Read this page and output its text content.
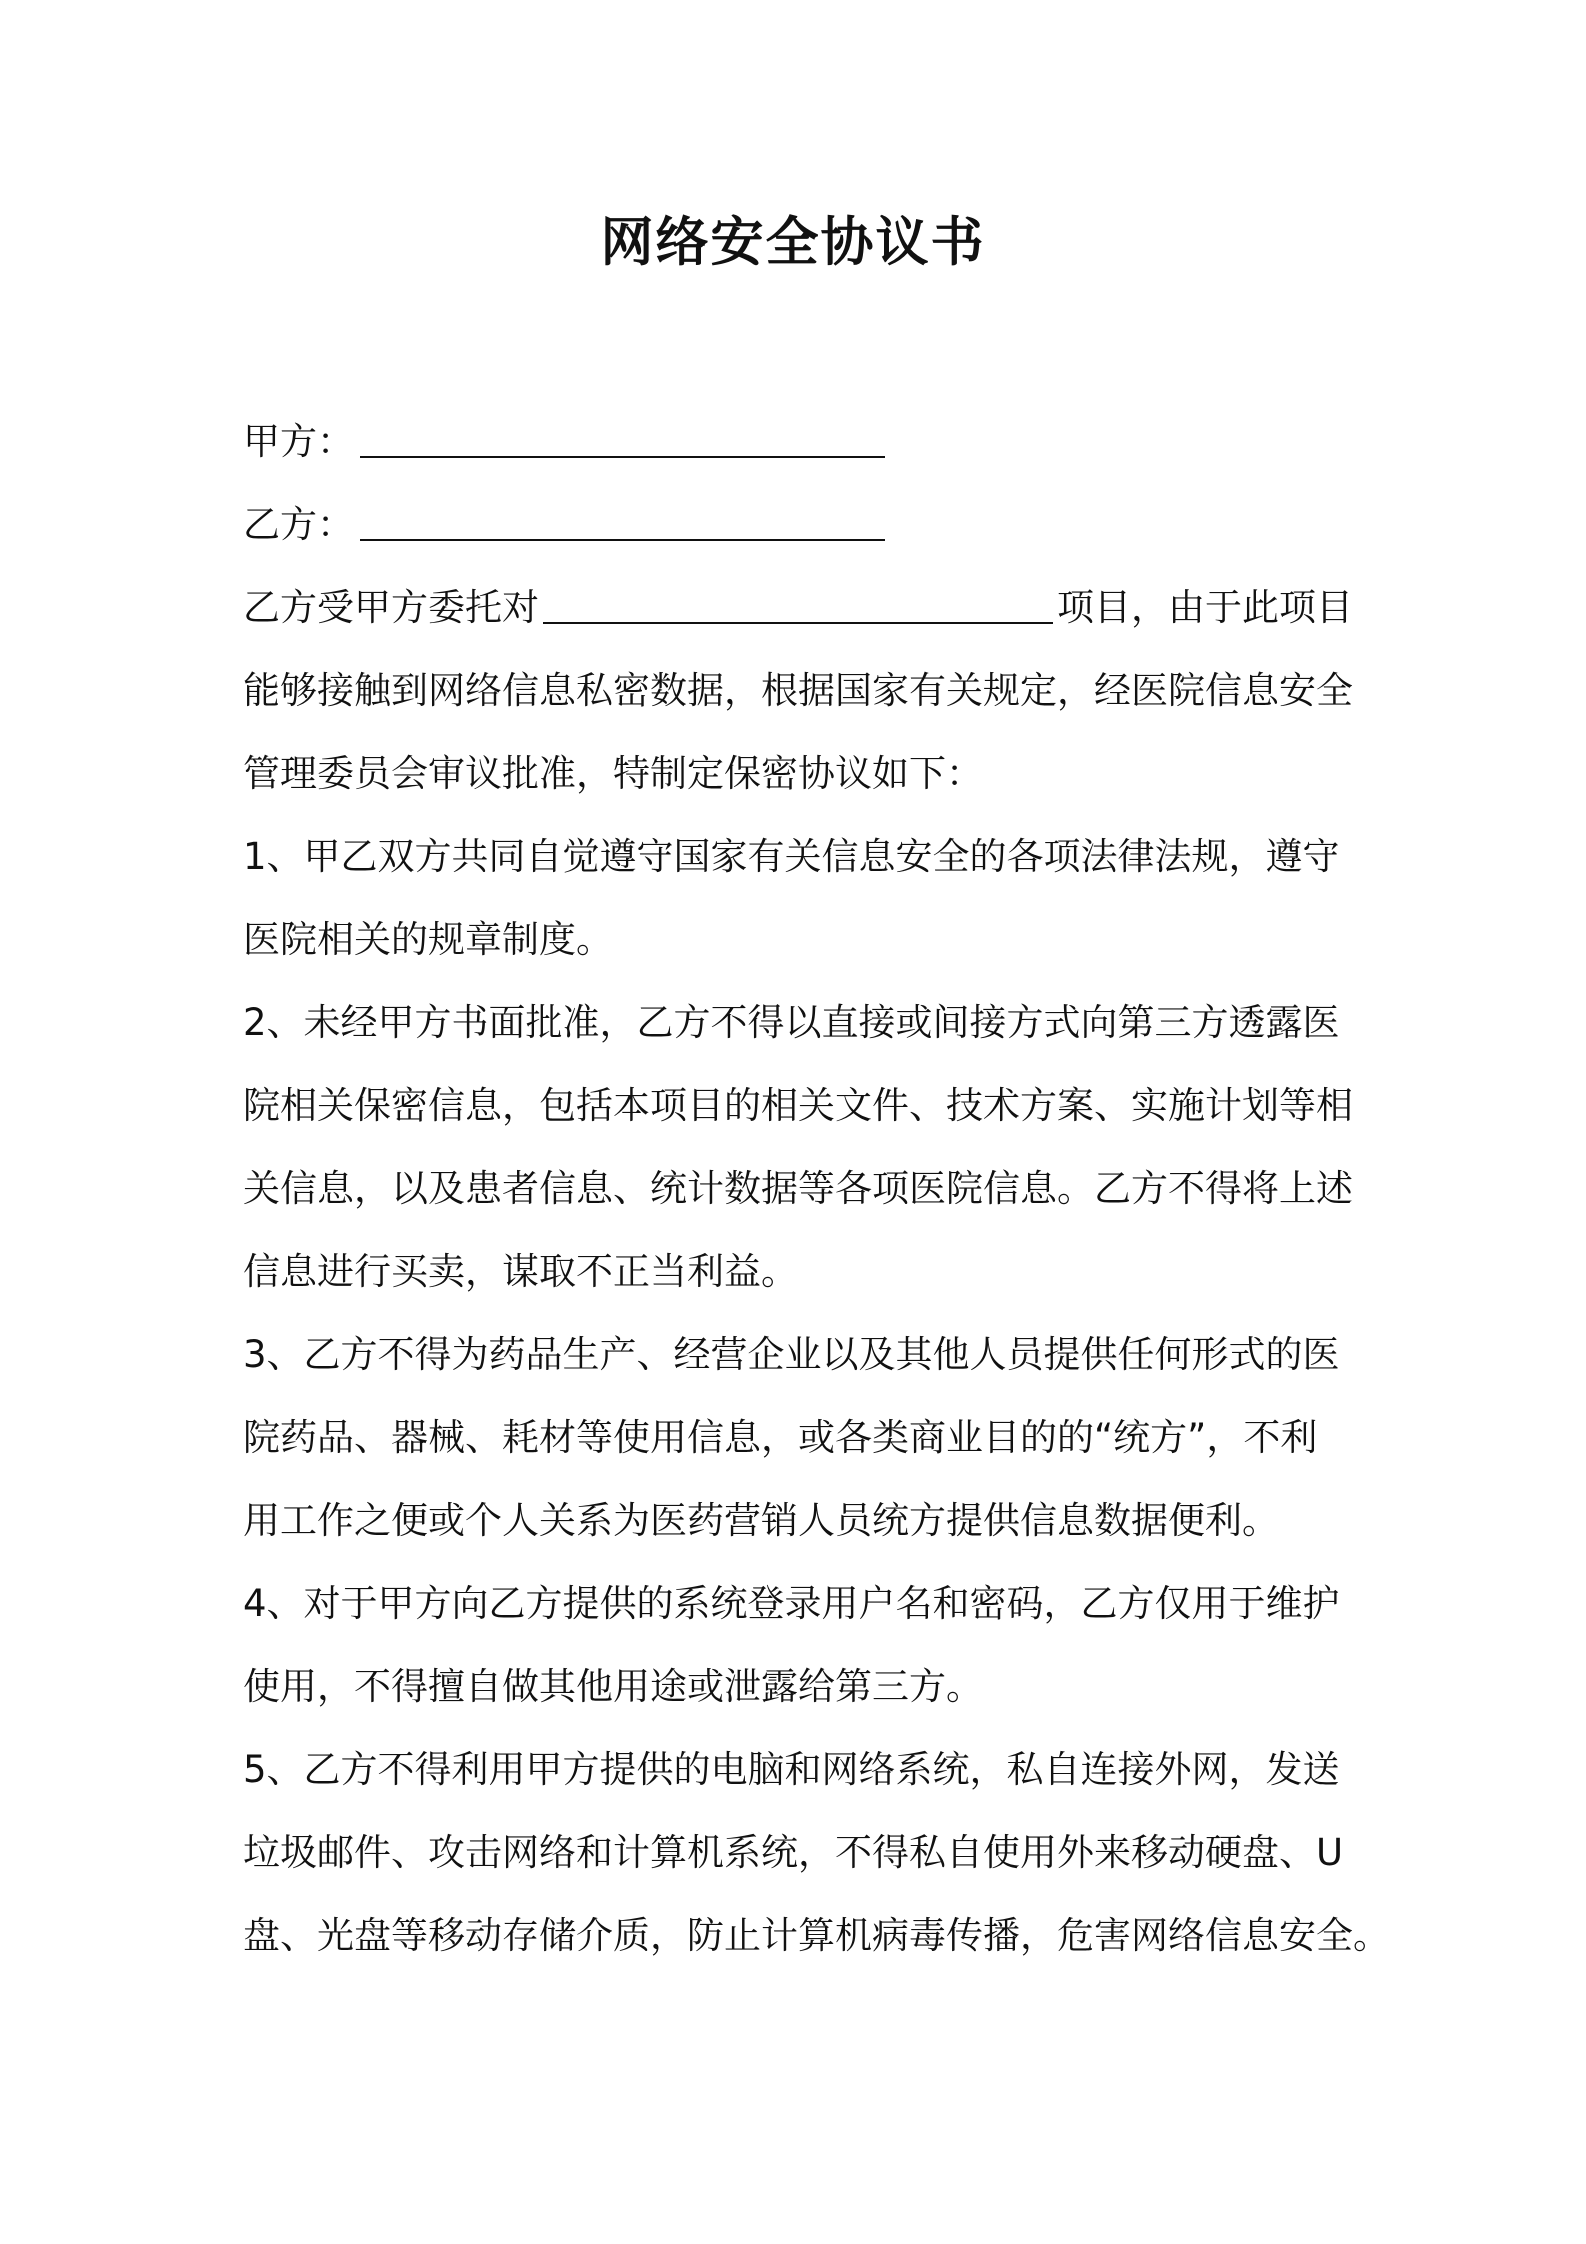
网络安全协议书
甲方：
乙方：
乙方受甲方委托对	项目，由于此项目
能够接触到网络信息私密数据，根据国家有关规定，经医院信息安全
管理委员会审议批准，特制定保密协议如下：
1、甲乙双方共同自觉遵守国家有关信息安全的各项法律法规，遵守
医院相关的规章制度。
2、未经甲方书面批准，乙方不得以直接或间接方式向第三方透露医
院相关保密信息，包括本项目的相关文件、技术方案、实施计划等相
关信息，以及患者信息、统计数据等各项医院信息。乙方不得将上述
信息进行买卖，谋取不正当利益。
3、乙方不得为药品生产、经营企业以及其他人员提供任何形式的医
院药品、器械、耗材等使用信息，或各类商业目的的“统方”，不利
用工作之便或个人关系为医药营销人员统方提供信息数据便利。
4、对于甲方向乙方提供的系统登录用户名和密码，乙方仅用于维护
使用，不得擅自做其他用途或泄露给第三方。
5、乙方不得利用甲方提供的电脑和网络系统，私自连接外网，发送
垃圾邮件、攻击网络和计算机系统，不得私自使用外来移动硬盘、U
盘、光盘等移动存储介质，防止计算机病毒传播，危害网络信息安全。
